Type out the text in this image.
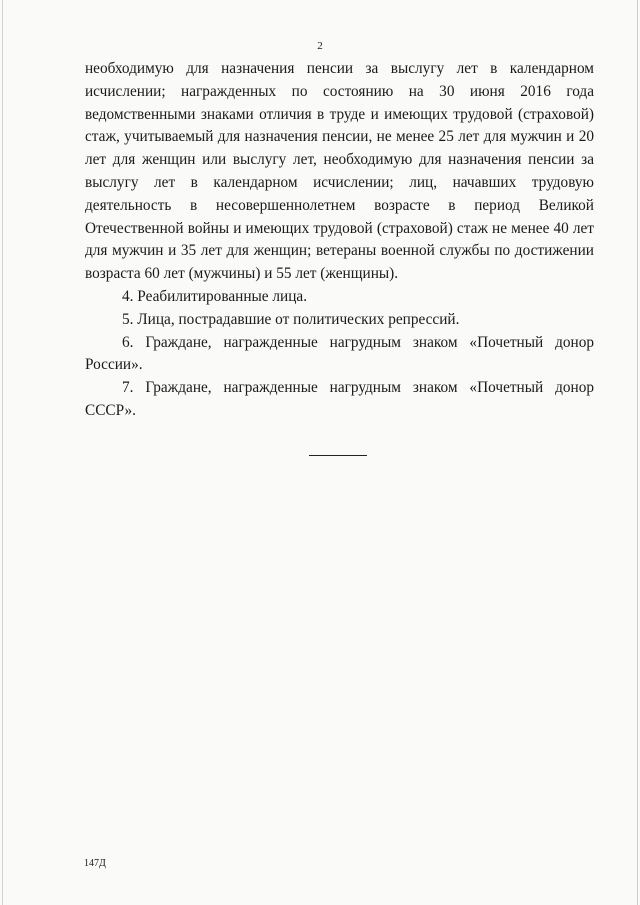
2

необходимую для назначения пенсии за выслугу лет в календарном исчислении; награжденных по состоянию на 30 июня 2016 года ведомственными знаками отличия в труде и имеющих трудовой (страховой) стаж, учитываемый для назначения пенсии, не менее 25 лет для мужчин и 20 лет для женщин или выслугу лет, необходимую для назначения пенсии за выслугу лет в календарном исчислении; лиц, начавших трудовую деятельность в несовершеннолетнем возрасте в период Великой Отечественной войны и имеющих трудовой (страховой) стаж не менее 40 лет для мужчин и 35 лет для женщин; ветераны военной службы по достижении возраста 60 лет (мужчины) и 55 лет (женщины).

4. Реабилитированные лица.

5. Лица, пострадавшие от политических репрессий.

6. Граждане, награжденные нагрудным знаком «Почетный донор России».

7. Граждане, награжденные нагрудным знаком «Почетный донор СССР».

147Д
